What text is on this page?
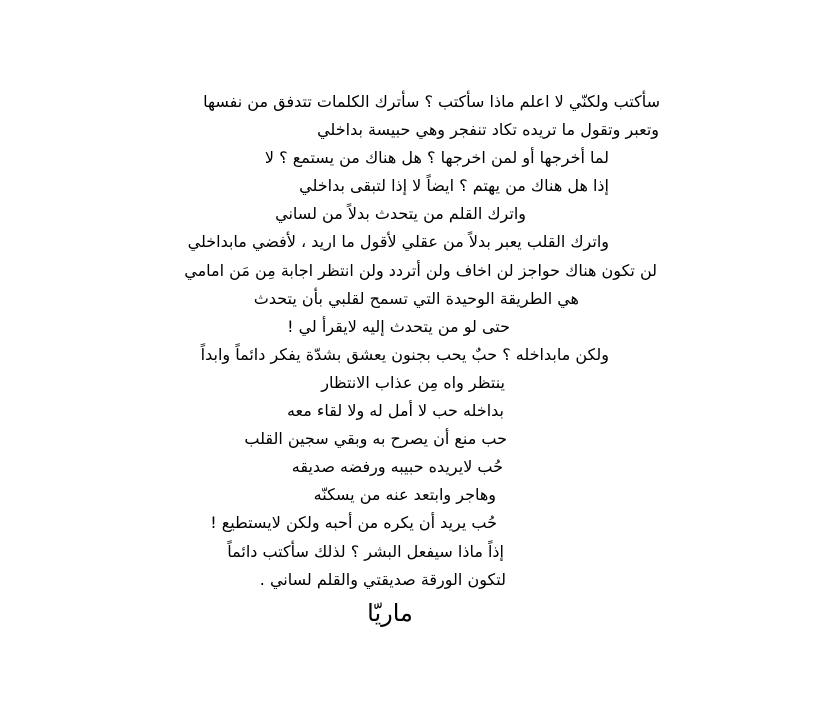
سأكتب ولكنّي لا اعلم ماذا سأكتب ؟ سأترك الكلمات تتدفق من نفسها
وتعبر وتقول ما تريده تكاد تنفجر وهي حبيسة بداخلي
لما أخرجها أو لمن اخرجها ؟ هل هناك من يستمع ؟ لا
إذا هل هناك من يهتم ؟ ايضاً لا إذا لتبقى بداخلي
واترك القلم من يتحدث بدلاً من لساني
واترك القلب يعبر بدلاً من عقلي لأقول ما اريد ، لأفضي مابداخلي
لن تكون هناك حواجز لن اخاف ولن أتردد ولن انتظر اجابة مِن مَن امامي
هي الطريقة الوحيدة التي تسمح لقلبي بأن يتحدث
حتى لو من يتحدث إليه لايقرأ لي !
ولكن مابداخله ؟ حبٌ يحب بجنون يعشق بشدّة يفكر دائماً وابداً
ينتظر واه مِن عذاب الانتظار
بداخله حب لا أمل له ولا لقاء معه
حب منع أن يصرح به وبقي سجين القلب
حُب لايريده حبيبه ورفضه صديقه
وهاجر وابتعد عنه من يسكنّه
حُب يريد أن يكره من أحبه ولكن لايستطيع !
إذاً ماذا سيفعل البشر ؟ لذلك سأكتب دائماً
لتكون الورقة صديقتي والقلم لساني .
ماريّا
